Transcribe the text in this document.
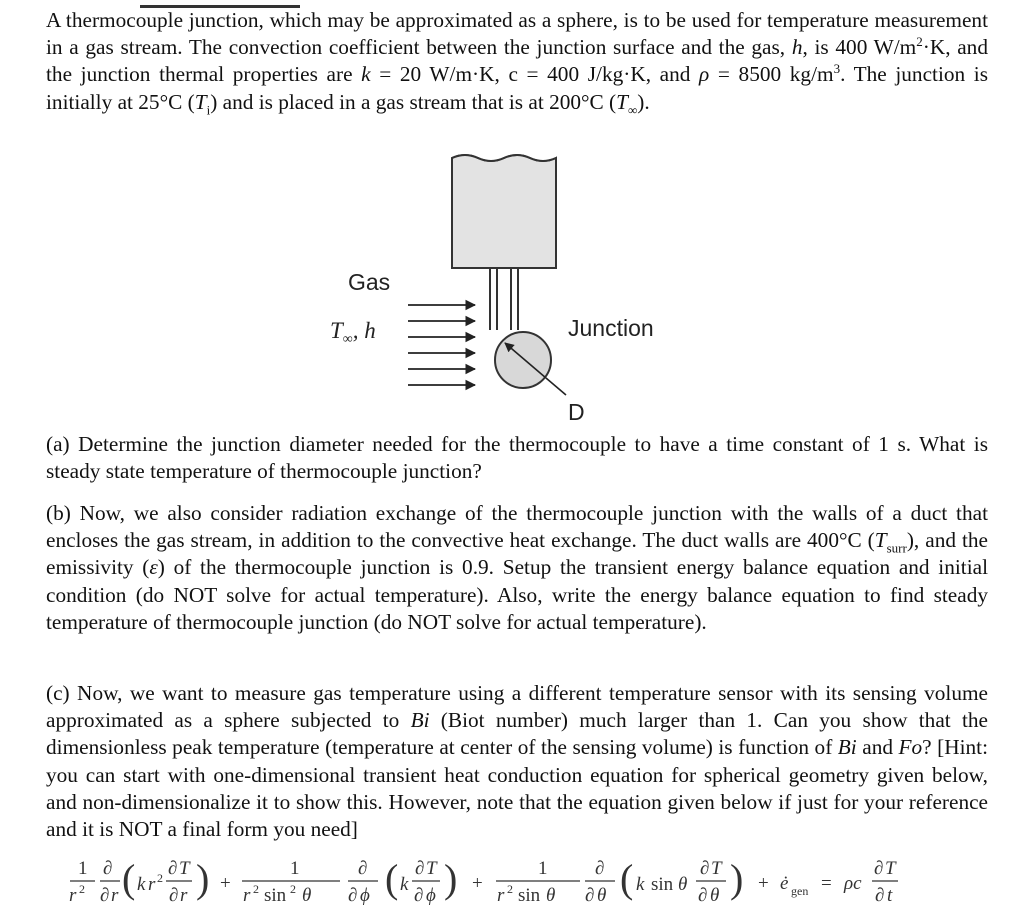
A thermocouple junction, which may be approximated as a sphere, is to be used for temperature measurement in a gas stream. The convection coefficient between the junction surface and the gas, h, is 400 $W/m^2\cdot K$, and the junction thermal properties are k = 20 W/m·K, c = 400 J/kg·K, and ρ = 8500 $kg/m^3$. The junction is initially at 25°C $(T_i)$ and is placed in a gas stream that is at 200°C $(T_\infty)$.

Gas
$T_\infty$, h	Junction
D

(a) Determine the junction diameter needed for the thermocouple to have a time constant of 1 s. What is steady state temperature of thermocouple junction?

(b) Now, we also consider radiation exchange of the thermocouple junction with the walls of a duct that encloses the gas stream, in addition to the convective heat exchange. The duct walls are 400°C $(T_{surr})$, and the emissivity (ε) of the thermocouple junction is 0.9. Setup the transient energy balance equation and initial condition (do NOT solve for actual temperature). Also, write the energy balance equation to find steady temperature of thermocouple junction (do NOT solve for actual temperature).

(c) Now, we want to measure gas temperature using a different temperature sensor with its sensing volume approximated as a sphere subjected to Bi (Biot number) much larger than 1. Can you show that the dimensionless peak temperature (temperature at center of the sensing volume) is function of Bi and Fo? [Hint: you can start with one-dimensional transient heat conduction equation for spherical geometry given below, and non-dimensionalize it to show this. However, note that the equation given below if just for your reference and it is NOT a final form you need]

1
r 2
∂
∂ r ( k r 2 ∂ T
∂ r ) +
1
r 2 sin 2 θ
∂
∂ ϕ ( k
∂ T
∂ ϕ ) +
1
r 2 sin θ
∂
∂ θ ( k sin θ
∂ T
∂ θ ) + ė gen = ρc
∂ T
∂ t
